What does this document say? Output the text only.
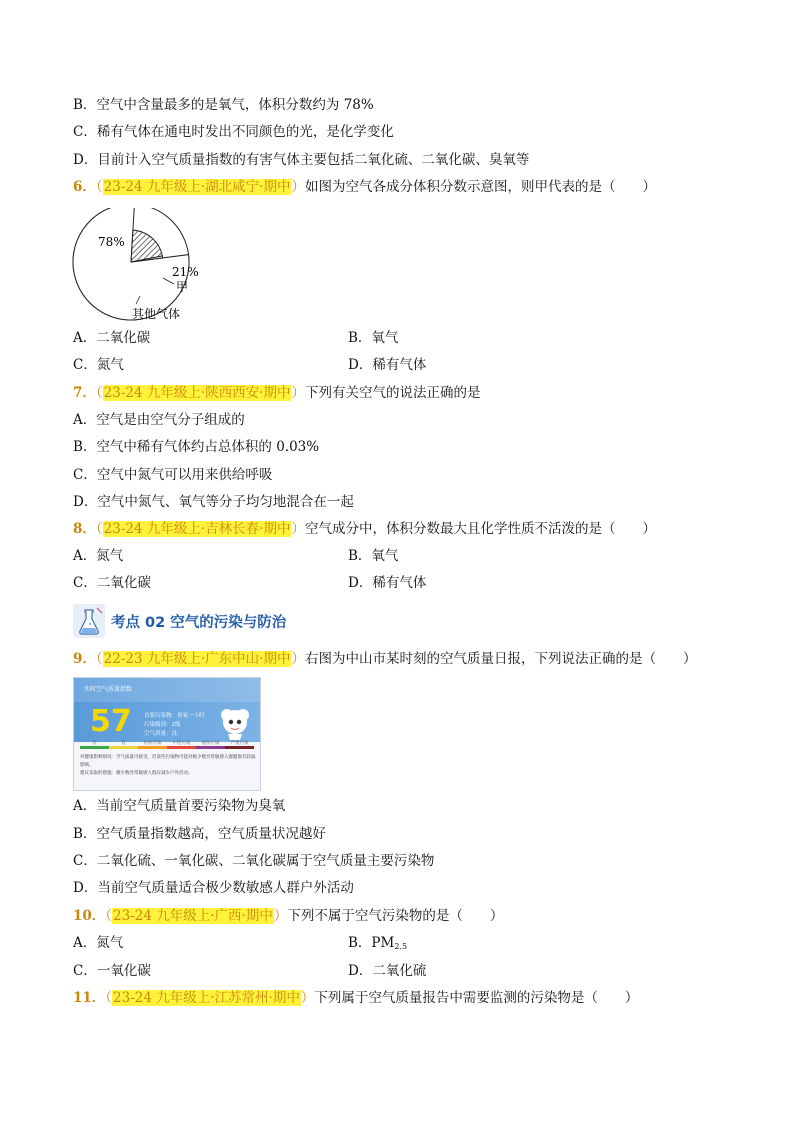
B．空气中含量最多的是氧气，体积分数约为 78%
C．稀有气体在通电时发出不同颜色的光，是化学变化
D．目前计入空气质量指数的有害气体主要包括二氧化硫、二氧化碳、臭氧等
6．（23-24 九年级上·湖北咸宁·期中）如图为空气各成分体积分数示意图，则甲代表的是（　　）
78%
21%
甲
其他气体
A．二氧化碳	B．氧气
C．氮气	D．稀有气体
7．（23-24 九年级上·陕西西安·期中）下列有关空气的说法正确的是
A．空气是由空气分子组成的
B．空气中稀有气体约占总体积的 0.03%
C．空气中氮气可以用来供给呼吸
D．空气中氮气、氧气等分子均匀地混合在一起
8．（23-24 九年级上·吉林长春·期中）空气成分中，体积分数最大且化学性质不活泼的是（　　）
A．氮气	B．氧气
C．二氧化碳	D．稀有气体
考点 02 空气的污染与防治
9．（22-23 九年级上·广东中山·期中）右图为中山市某时刻的空气质量日报，下列说法正确的是（　　）
实时空气质量指数
57 首要污染物：臭氧一小时
污染级别：2级
空气质量：良
优	良	轻度污染	中度污染	重度污染	严重污染
对健康影响情况：空气质量可接受，但某些污染物可能对极少数异常敏感人群健康有较弱影响。
建议采取的措施：极少数异常敏感人群应减少户外活动。
A．当前空气质量首要污染物为臭氧
B．空气质量指数越高，空气质量状况越好
C．二氧化硫、一氧化碳、二氧化碳属于空气质量主要污染物
D．当前空气质量适合极少数敏感人群户外活动
10．（23-24 九年级上·广西·期中）下列不属于空气污染物的是（　　）
A．氮气	B．$PM_{2.5}$
C．一氧化碳	D．二氧化硫
11．（23-24 九年级上·江苏常州·期中）下列属于空气质量报告中需要监测的污染物是（　　）
